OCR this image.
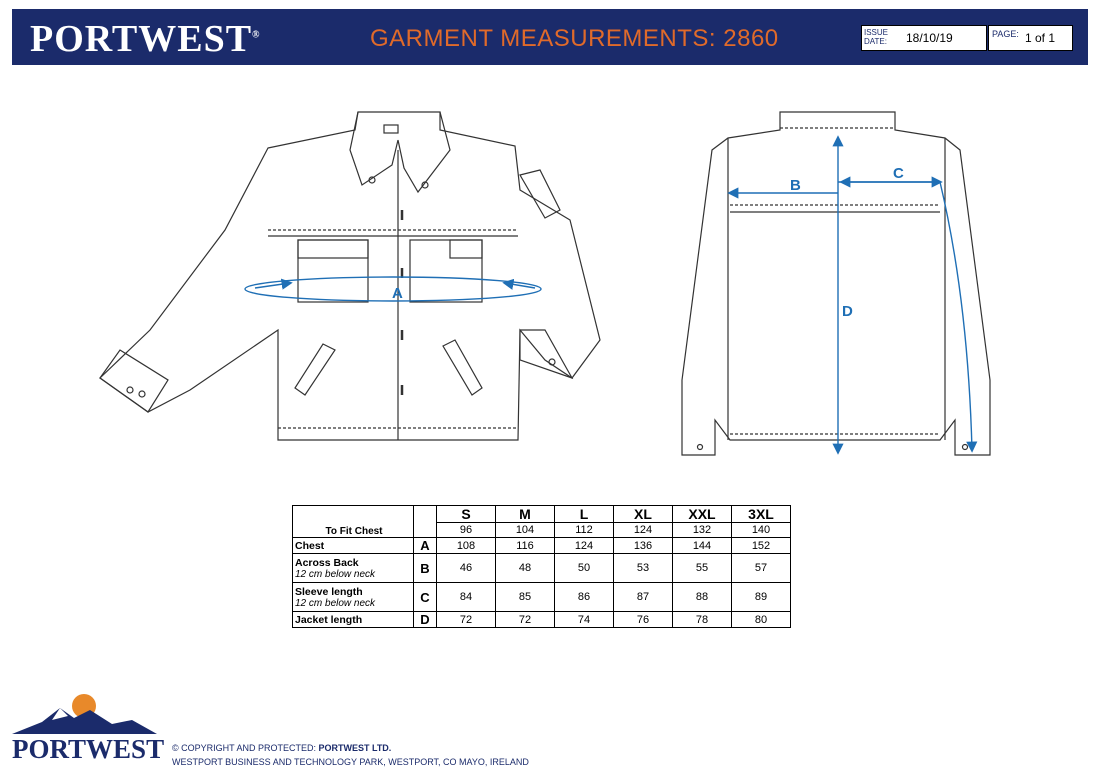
PORTWEST®	GARMENT MEASUREMENTS: 2860	ISSUE
DATE: 18/10/19	PAGE: 1 of 1
A
B
C
D
To Fit Chest		S	M	L	XL	XXL	3XL
		96	104	112	124	132	140
Chest	A	108	116	124	136	144	152
Across Back
12 cm below neck	B	46	48	50	53	55	57
Sleeve length
12 cm below neck	C	84	85	86	87	88	89
Jacket length	D	72	72	74	76	78	80
PORTWEST © COPYRIGHT AND PROTECTED: PORTWEST LTD.
WESTPORT BUSINESS AND TECHNOLOGY PARK, WESTPORT, CO MAYO, IRELAND
